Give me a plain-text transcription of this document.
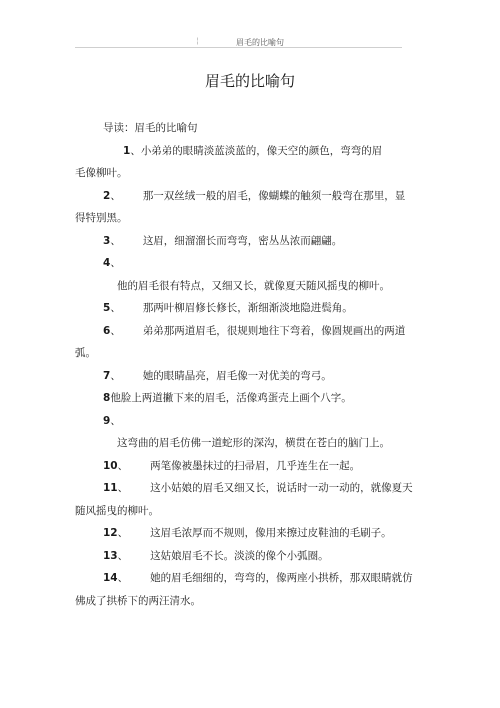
¦	眉毛的比喻句
眉毛的比喻句
导读：眉毛的比喻句
1、小弟弟的眼睛淡蓝淡蓝的，像天空的颜色，弯弯的眉
毛像柳叶。
2、 那一双丝绒一般的眉毛，像蝴蝶的触须一般弯在那里，显
得特别黑。
3、 这眉，细溜溜长而弯弯，密丛丛浓而翩翩。
4、
他的眉毛很有特点，又细又长，就像夏天随风摇曳的柳叶。
5、 那两叶柳眉修长修长，渐细渐淡地隐进鬓角。
6、 弟弟那两道眉毛，很规则地往下弯着，像圆规画出的两道
弧。
7、 她的眼睛晶亮，眉毛像一对优美的弯弓。
8他脸上两道撇下来的眉毛，活像鸡蛋壳上画个八字。
9、
这弯曲的眉毛仿佛一道蛇形的深沟，横贯在苍白的脑门上。
10、 两笔像被墨抹过的扫帚眉，几乎连生在一起。
11、 这小姑娘的眉毛又细又长，说话时一动一动的，就像夏天
随风摇曳的柳叶。
12、 这眉毛浓厚而不规则，像用来擦过皮鞋油的毛刷子。
13、 这姑娘眉毛不长。淡淡的像个小弧圈。
14、 她的眉毛细细的，弯弯的，像两座小拱桥，那双眼睛就仿
佛成了拱桥下的两汪清水。
